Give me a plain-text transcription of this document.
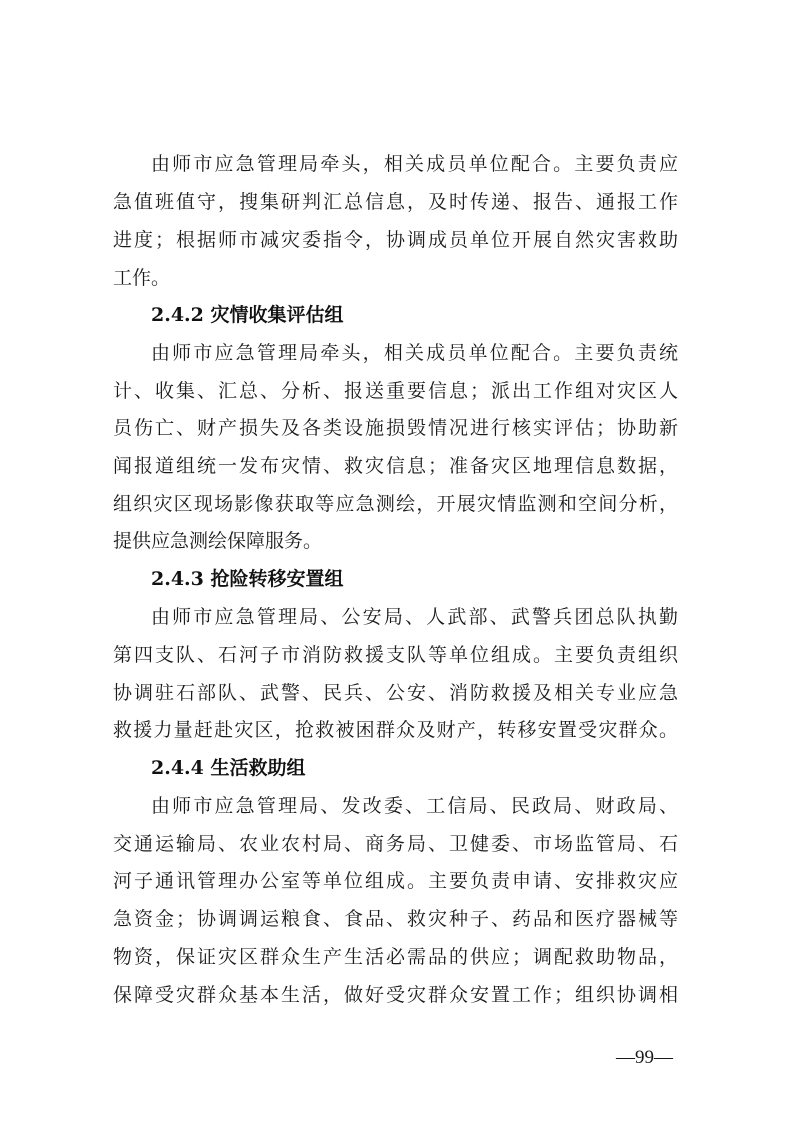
由师市应急管理局牵头，相关成员单位配合。主要负责应
急值班值守，搜集研判汇总信息，及时传递、报告、通报工作
进度；根据师市减灾委指令，协调成员单位开展自然灾害救助
工作。
2.4.2 灾情收集评估组
由师市应急管理局牵头，相关成员单位配合。主要负责统
计、收集、汇总、分析、报送重要信息；派出工作组对灾区人
员伤亡、财产损失及各类设施损毁情况进行核实评估；协助新
闻报道组统一发布灾情、救灾信息；准备灾区地理信息数据，
组织灾区现场影像获取等应急测绘，开展灾情监测和空间分析，
提供应急测绘保障服务。
2.4.3 抢险转移安置组
由师市应急管理局、公安局、人武部、武警兵团总队执勤
第四支队、石河子市消防救援支队等单位组成。主要负责组织
协调驻石部队、武警、民兵、公安、消防救援及相关专业应急
救援力量赶赴灾区，抢救被困群众及财产，转移安置受灾群众。
2.4.4 生活救助组
由师市应急管理局、发改委、工信局、民政局、财政局、
交通运输局、农业农村局、商务局、卫健委、市场监管局、石
河子通讯管理办公室等单位组成。主要负责申请、安排救灾应
急资金；协调调运粮食、食品、救灾种子、药品和医疗器械等
物资，保证灾区群众生产生活必需品的供应；调配救助物品，
保障受灾群众基本生活，做好受灾群众安置工作；组织协调相
—99—
